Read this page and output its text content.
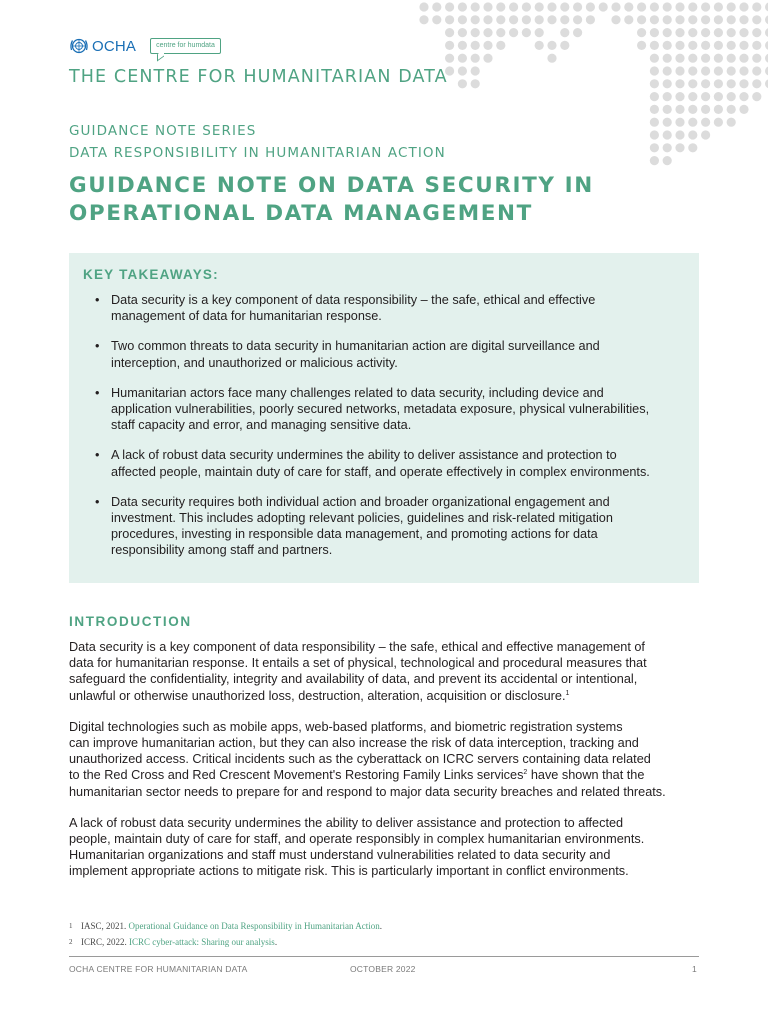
OCHA	centre for humdata
THE CENTRE FOR HUMANITARIAN DATA
GUIDANCE NOTE SERIES
DATA RESPONSIBILITY IN HUMANITARIAN ACTION
GUIDANCE NOTE ON DATA SECURITY IN
OPERATIONAL DATA MANAGEMENT
KEY TAKEAWAYS:
• Data security is a key component of data responsibility – the safe, ethical and effective
management of data for humanitarian response.
• Two common threats to data security in humanitarian action are digital surveillance and
interception, and unauthorized or malicious activity.
• Humanitarian actors face many challenges related to data security, including device and
application vulnerabilities, poorly secured networks, metadata exposure, physical vulnerabilities,
staff capacity and error, and managing sensitive data.
• A lack of robust data security undermines the ability to deliver assistance and protection to
affected people, maintain duty of care for staff, and operate effectively in complex environments.
• Data security requires both individual action and broader organizational engagement and
investment. This includes adopting relevant policies, guidelines and risk-related mitigation
procedures, investing in responsible data management, and promoting actions for data
responsibility among staff and partners.
INTRODUCTION

Data security is a key component of data responsibility – the safe, ethical and effective management of
data for humanitarian response. It entails a set of physical, technological and procedural measures that
safeguard the confidentiality, integrity and availability of data, and prevent its accidental or intentional,
unlawful or otherwise unauthorized loss, destruction, alteration, acquisition or disclosure.$^1$

Digital technologies such as mobile apps, web-based platforms, and biometric registration systems
can improve humanitarian action, but they can also increase the risk of data interception, tracking and
unauthorized access. Critical incidents such as the cyberattack on ICRC servers containing data related
to the Red Cross and Red Crescent Movement's Restoring Family Links services$^2$ have shown that the
humanitarian sector needs to prepare for and respond to major data security breaches and related threats.

A lack of robust data security undermines the ability to deliver assistance and protection to affected
people, maintain duty of care for staff, and operate responsibly in complex humanitarian environments.
Humanitarian organizations and staff must understand vulnerabilities related to data security and
implement appropriate actions to mitigate risk. This is particularly important in conflict environments.

1 IASC, 2021. Operational Guidance on Data Responsibility in Humanitarian Action.
2 ICRC, 2022. ICRC cyber-attack: Sharing our analysis.
OCHA CENTRE FOR HUMANITARIAN DATA	OCTOBER 2022	1
